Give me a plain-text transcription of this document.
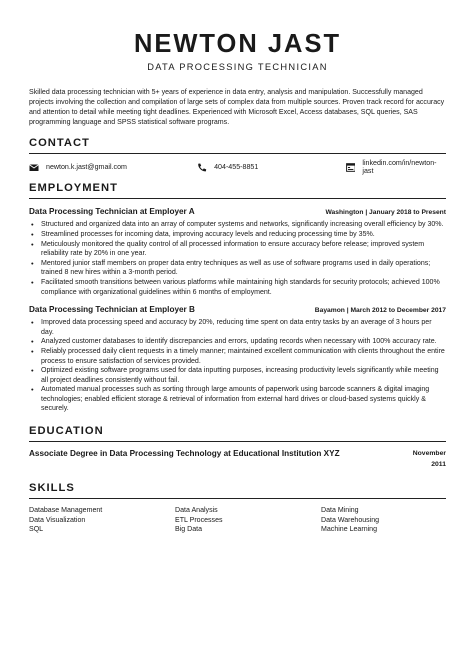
NEWTON JAST
DATA PROCESSING TECHNICIAN

Skilled data processing technician with 5+ years of experience in data entry, analysis and manipulation. Successfully managed projects involving the collection and compilation of large sets of complex data from multiple sources. Proven track record for accuracy and attention to detail while meeting tight deadlines. Experienced with Microsoft Excel, Access databases, SQL queries, SAS programming language and SPSS statistical software programs.

CONTACT
newton.k.jast@gmail.com	404-455-8851	linkedin.com/in/newton-jast
EMPLOYMENT
Data Processing Technician at Employer A	Washington | January 2018 to Present
• Structured and organized data into an array of computer systems and networks, significantly increasing overall efficiency by 30%.
• Streamlined processes for incoming data, improving accuracy levels and reducing processing time by 35%.
• Meticulously monitored the quality control of all processed information to ensure accuracy before release; improved system reliability rate by 20% in one year.
• Mentored junior staff members on proper data entry techniques as well as use of software programs used in daily operations; trained 8 new hires within a 3-month period.
• Facilitated smooth transitions between various platforms while maintaining high standards for security protocols; achieved 100% compliance with organizational guidelines within 6 months of employment.
Data Processing Technician at Employer B	Bayamon | March 2012 to December 2017
• Improved data processing speed and accuracy by 20%, reducing time spent on data entry tasks by an average of 3 hours per day.
• Analyzed customer databases to identify discrepancies and errors, updating records when necessary with 100% accuracy rate.
• Reliably processed daily client requests in a timely manner; maintained excellent communication with clients throughout the entire process to ensure satisfaction of services provided.
• Optimized existing software programs used for data inputting purposes, increasing productivity levels significantly while meeting all project deadlines consistently without fail.
• Automated manual processes such as sorting through large amounts of paperwork using barcode scanners & digital imaging technologies; enabled efficient storage & retrieval of information from external hard drives or cloud-based systems quickly & securely.
EDUCATION
Associate Degree in Data Processing Technology at Educational Institution XYZ	November
2011
SKILLS
Database Management	Data Analysis	Data Mining
Data Visualization	ETL Processes	Data Warehousing
SQL	Big Data	Machine Learning
